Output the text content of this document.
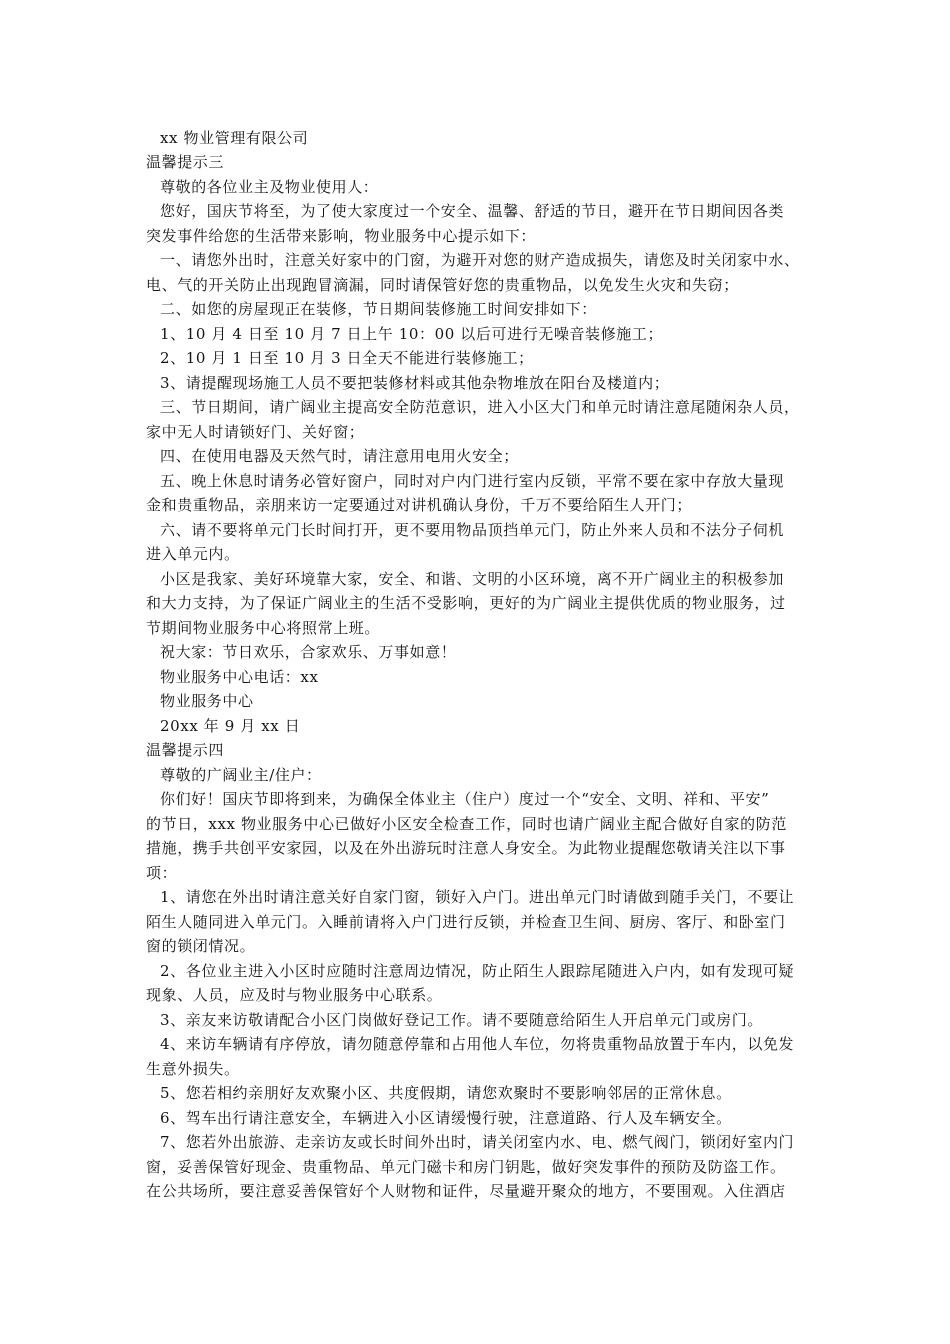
xx 物业管理有限公司
温馨提示三
尊敬的各位业主及物业使用人：
您好，国庆节将至，为了使大家度过一个安全、温馨、舒适的节日，避开在节日期间因各类
突发事件给您的生活带来影响，物业服务中心提示如下：
一、请您外出时，注意关好家中的门窗，为避开对您的财产造成损失，请您及时关闭家中水、
电、气的开关防止出现跑冒滴漏，同时请保管好您的贵重物品，以免发生火灾和失窃；
二、如您的房屋现正在装修，节日期间装修施工时间安排如下：
1、10 月 4 日至 10 月 7 日上午 10：00 以后可进行无噪音装修施工；
2、10 月 1 日至 10 月 3 日全天不能进行装修施工；
3、请提醒现场施工人员不要把装修材料或其他杂物堆放在阳台及楼道内；
三、节日期间，请广阔业主提高安全防范意识，进入小区大门和单元时请注意尾随闲杂人员，
家中无人时请锁好门、关好窗；
四、在使用电器及天然气时，请注意用电用火安全；
五、晚上休息时请务必管好窗户，同时对户内门进行室内反锁，平常不要在家中存放大量现
金和贵重物品，亲朋来访一定要通过对讲机确认身份，千万不要给陌生人开门；
六、请不要将单元门长时间打开，更不要用物品顶挡单元门，防止外来人员和不法分子伺机
进入单元内。
小区是我家、美好环境靠大家，安全、和谐、文明的小区环境，离不开广阔业主的积极参加
和大力支持，为了保证广阔业主的生活不受影响，更好的为广阔业主提供优质的物业服务，过
节期间物业服务中心将照常上班。
祝大家：节日欢乐，合家欢乐、万事如意！
物业服务中心电话：xx
物业服务中心
20xx 年 9 月 xx 日
温馨提示四
尊敬的广阔业主/住户：
你们好！国庆节即将到来，为确保全体业主（住户）度过一个“安全、文明、祥和、平安”
的节日，xxx 物业服务中心已做好小区安全检查工作，同时也请广阔业主配合做好自家的防范
措施，携手共创平安家园，以及在外出游玩时注意人身安全。为此物业提醒您敬请关注以下事
项：
1、请您在外出时请注意关好自家门窗，锁好入户门。进出单元门时请做到随手关门，不要让
陌生人随同进入单元门。入睡前请将入户门进行反锁，并检查卫生间、厨房、客厅、和卧室门
窗的锁闭情况。
2、各位业主进入小区时应随时注意周边情况，防止陌生人跟踪尾随进入户内，如有发现可疑
现象、人员，应及时与物业服务中心联系。
3、亲友来访敬请配合小区门岗做好登记工作。请不要随意给陌生人开启单元门或房门。
4、来访车辆请有序停放，请勿随意停靠和占用他人车位，勿将贵重物品放置于车内，以免发
生意外损失。
5、您若相约亲朋好友欢聚小区、共度假期，请您欢聚时不要影响邻居的正常休息。
6、驾车出行请注意安全，车辆进入小区请缓慢行驶，注意道路、行人及车辆安全。
7、您若外出旅游、走亲访友或长时间外出时，请关闭室内水、电、燃气阀门，锁闭好室内门
窗，妥善保管好现金、贵重物品、单元门磁卡和房门钥匙，做好突发事件的预防及防盗工作。
在公共场所，要注意妥善保管好个人财物和证件，尽量避开聚众的地方，不要围观。入住酒店
